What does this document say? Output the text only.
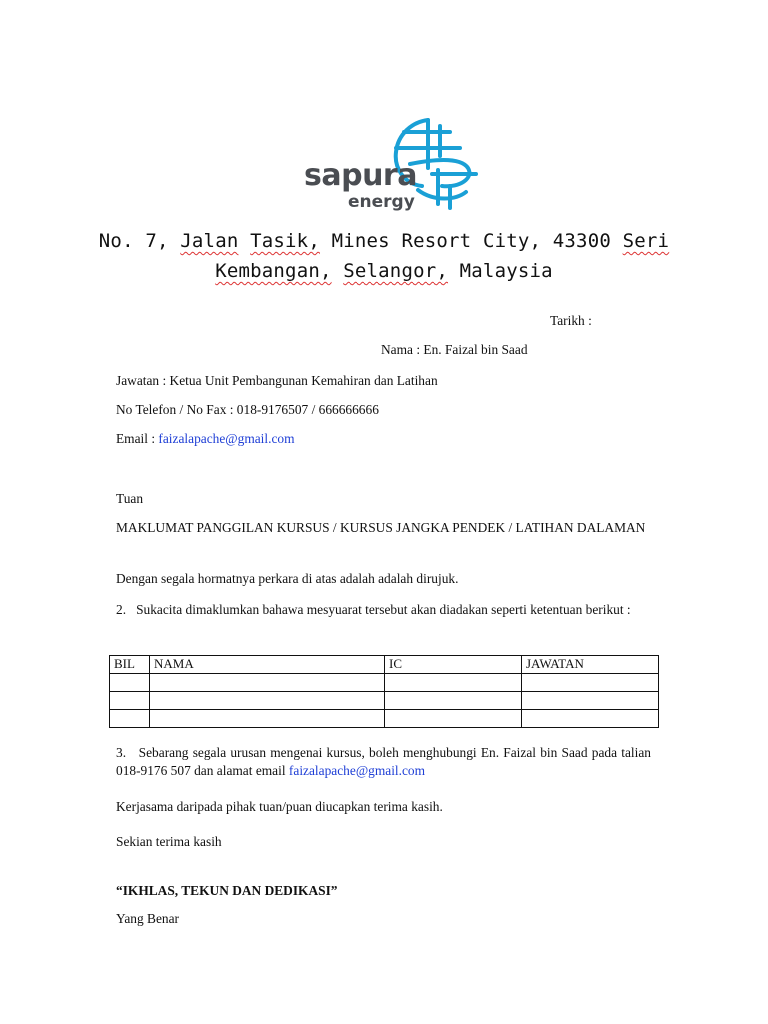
sapura
energy
No. 7, Jalan Tasik, Mines Resort City, 43300 Seri
Kembangan, Selangor, Malaysia
Tarikh :
Nama : En. Faizal bin Saad
Jawatan : Ketua Unit Pembangunan Kemahiran dan Latihan
No Telefon / No Fax : 018-9176507 / 666666666
Email : faizalapache@gmail.com
Tuan
MAKLUMAT PANGGILAN KURSUS / KURSUS JANGKA PENDEK / LATIHAN DALAMAN
Dengan segala hormatnya perkara di atas adalah adalah dirujuk.
2.   Sukacita dimaklumkan bahawa mesyuarat tersebut akan diadakan seperti ketentuan berikut :
BIL	NAMA	IC	JAWATAN

3.   Sebarang segala urusan mengenai kursus, boleh menghubungi En. Faizal bin Saad pada talian 018-9176 507 dan alamat email faizalapache@gmail.com
Kerjasama daripada pihak tuan/puan diucapkan terima kasih.
Sekian terima kasih
“IKHLAS, TEKUN DAN DEDIKASI”
Yang Benar
